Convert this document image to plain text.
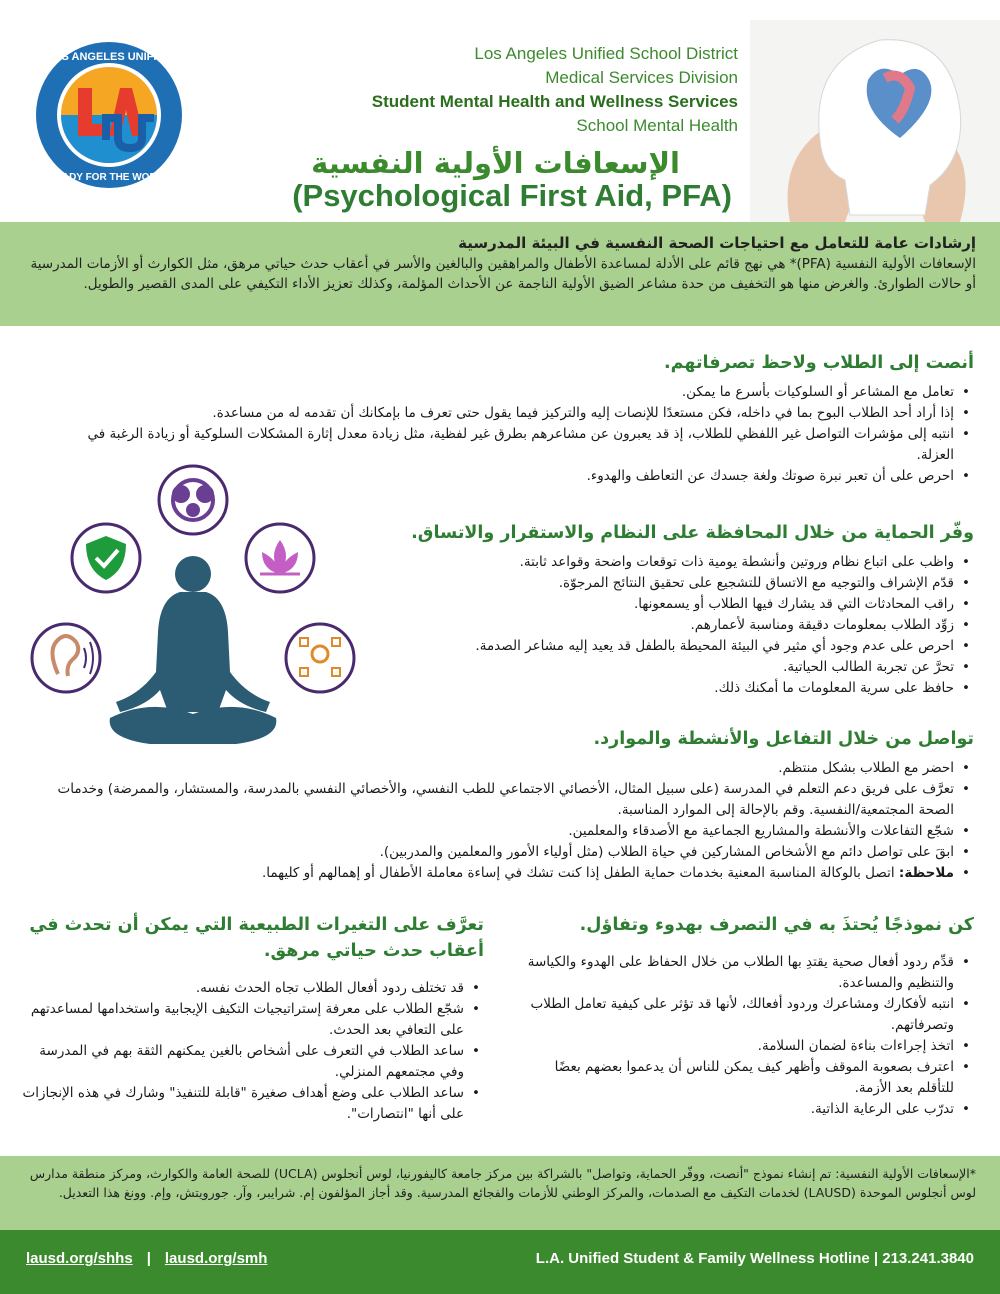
LOS ANGELES UNIFIED
READY FOR THE WORLD
Los Angeles Unified School District
Medical Services Division
Student Mental Health and Wellness Services
School Mental Health
الإسعافات الأولية النفسية
(Psychological First Aid, PFA)
إرشادات عامة للتعامل مع احتياجات الصحة النفسية في البيئة المدرسية

الإسعافات الأولية النفسية (PFA)* هي نهج قائم على الأدلة لمساعدة الأطفال والمراهقين والبالغين والأسر في أعقاب حدث حياتي مرهق، مثل الكوارث أو الأزمات المدرسية أو حالات الطوارئ. والغرض منها هو التخفيف من حدة مشاعر الضيق الأولية الناجمة عن الأحداث المؤلمة، وكذلك تعزيز الأداء التكيفي على المدى القصير والطويل.

أنصت إلى الطلاب ولاحظ تصرفاتهم.
• تعامل مع المشاعر أو السلوكيات بأسرع ما يمكن.
• إذا أراد أحد الطلاب البوح بما في داخله، فكن مستعدًا للإنصات إليه والتركيز فيما يقول حتى تعرف ما بإمكانك أن تقدمه له من مساعدة.
• انتبه إلى مؤشرات التواصل غير اللفظي للطلاب، إذ قد يعبرون عن مشاعرهم بطرق غير لفظية، مثل زيادة معدل إثارة المشكلات السلوكية أو زيادة الرغبة في العزلة.
• احرص على أن تعبر نبرة صوتك ولغة جسدك عن التعاطف والهدوء.
وفّر الحماية من خلال المحافظة على النظام والاستقرار والاتساق.
• واظب على اتباع نظام وروتين وأنشطة يومية ذات توقعات واضحة وقواعد ثابتة.
• قدّم الإشراف والتوجيه مع الاتساق للتشجيع على تحقيق النتائج المرجوّة.
• راقب المحادثات التي قد يشارك فيها الطلاب أو يسمعونها.
• زوِّد الطلاب بمعلومات دقيقة ومناسبة لأعمارهم.
• احرص على عدم وجود أي مثير في البيئة المحيطة بالطفل قد يعيد إليه مشاعر الصدمة.
• تحرَّ عن تجربة الطالب الحياتية.
• حافظ على سرية المعلومات ما أمكنك ذلك.
تواصل من خلال التفاعل والأنشطة والموارد.
• احضر مع الطلاب بشكل منتظم.
• تعرَّف على فريق دعم التعلم في المدرسة (على سبيل المثال، الأخصائي الاجتماعي للطب النفسي، والأخصائي النفسي بالمدرسة، والمستشار، والممرضة) وخدمات الصحة المجتمعية/النفسية. وقم بالإحالة إلى الموارد المناسبة.
• شجّع التفاعلات والأنشطة والمشاريع الجماعية مع الأصدقاء والمعلمين.
• ابقَ على تواصل دائم مع الأشخاص المشاركين في حياة الطلاب (مثل أولياء الأمور والمعلمين والمدربين).
• ملاحظة: اتصل بالوكالة المناسبة المعنية بخدمات حماية الطفل إذا كنت تشك في إساءة معاملة الأطفال أو إهمالهم أو كليهما.
كن نموذجًا يُحتذَ به في التصرف بهدوء وتفاؤل.
• قدِّم ردود أفعال صحية يقتدِ بها الطلاب من خلال الحفاظ على الهدوء والكياسة والتنظيم والمساعدة.
• انتبه لأفكارك ومشاعرك وردود أفعالك، لأنها قد تؤثر على كيفية تعامل الطلاب وتصرفاتهم.
• اتخذ إجراءات بناءة لضمان السلامة.
• اعترف بصعوبة الموقف وأظهر كيف يمكن للناس أن يدعموا بعضهم بعضًا للتأقلم بعد الأزمة.
• تدرّب على الرعاية الذاتية.
تعرَّف على التغيرات الطبيعية التي يمكن أن تحدث في أعقاب حدث حياتي مرهق.
• قد تختلف ردود أفعال الطلاب تجاه الحدث نفسه.
• شجّع الطلاب على معرفة إستراتيجيات التكيف الإيجابية واستخدامها لمساعدتهم على التعافي بعد الحدث.
• ساعد الطلاب في التعرف على أشخاص بالغين يمكنهم الثقة بهم في المدرسة وفي مجتمعهم المنزلي.
• ساعد الطلاب على وضع أهداف صغيرة "قابلة للتنفيذ" وشارك في هذه الإنجازات على أنها "انتصارات".
*الإسعافات الأولية النفسية: تم إنشاء نموذج "أنصت، ووفّر الحماية، وتواصل" بالشراكة بين مركز جامعة كاليفورنيا، لوس أنجلوس (UCLA) للصحة العامة والكوارث، ومركز منطقة مدارس لوس أنجلوس الموحدة (LAUSD) لخدمات التكيف مع الصدمات، والمركز الوطني للأزمات والفجائع المدرسية. وقد أجاز المؤلفون إم. شرايبر، وآر. جورويتش، وإم. وونغ هذا التعديل.
lausd.org/shhs | lausd.org/smh	L.A. Unified Student & Family Wellness Hotline | 213.241.3840
